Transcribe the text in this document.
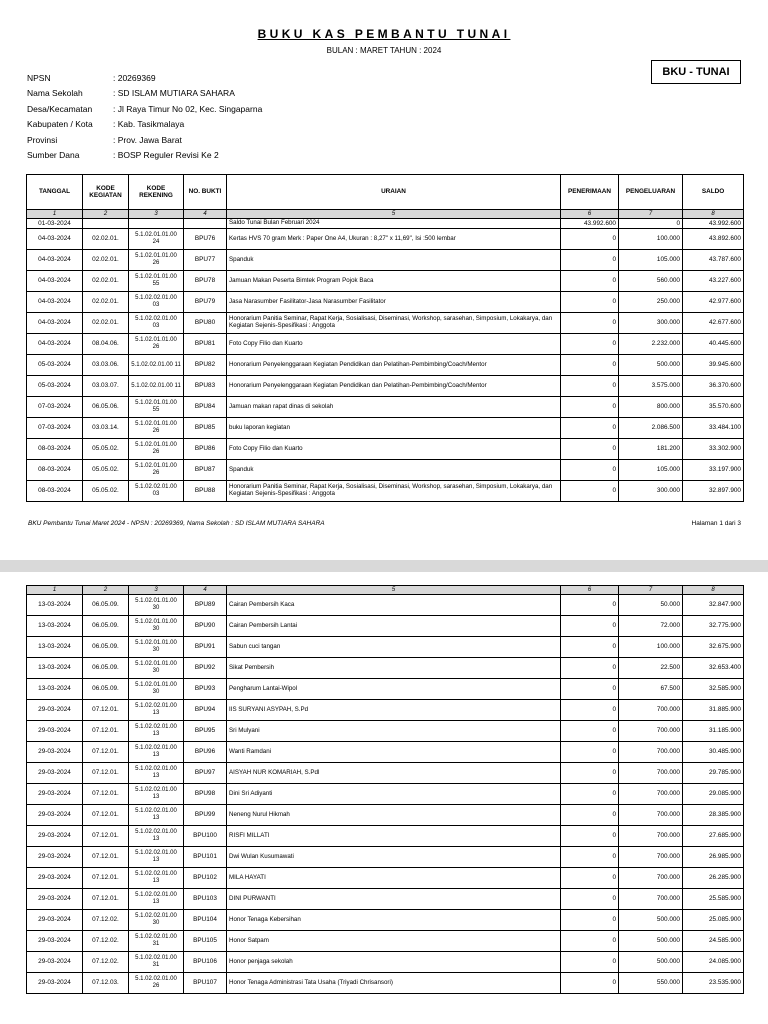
BUKU KAS PEMBANTU TUNAI
BULAN : MARET TAHUN : 2024
BKU - TUNAI
NPSN	: 20269369
Nama Sekolah	: SD ISLAM MUTIARA SAHARA
Desa/Kecamatan	: Jl Raya Timur No 02, Kec. Singaparna
Kabupaten / Kota	: Kab. Tasikmalaya
Provinsi	: Prov. Jawa Barat
Sumber Dana	: BOSP Reguler Revisi Ke 2
TANGGAL	KODE KEGIATAN	KODE REKENING	NO. BUKTI	URAIAN	PENERIMAAN	PENGELUARAN	SALDO
1	2	3	4	5	6	7	8
01-03-2024				Saldo Tunai Bulan Februari 2024	43.992.600	0	43.992.600
04-03-2024	02.02.01.	5.1.02.01.01.00 24	BPU76	Kertas HVS 70 gram Merk : Paper One A4, Ukuran : 8,27" x 11,69", Isi :500 lembar	0	100.000	43.892.600
04-03-2024	02.02.01.	5.1.02.01.01.00 26	BPU77	Spanduk	0	105.000	43.787.600
04-03-2024	02.02.01.	5.1.02.01.01.00 55	BPU78	Jamuan Makan Peserta Bimtek Program Pojok Baca	0	560.000	43.227.600
04-03-2024	02.02.01.	5.1.02.02.01.00 03	BPU79	Jasa Narasumber Fasilitator-Jasa Narasumber Fasilitator	0	250.000	42.977.600
04-03-2024	02.02.01.	5.1.02.02.01.00 03	BPU80	Honorarium Panitia Seminar, Rapat Kerja, Sosialisasi, Diseminasi, Workshop, sarasehan, Simposium, Lokakarya, dan Kegiatan Sejenis-Spesifikasi : Anggota	0	300.000	42.677.600
04-03-2024	08.04.06.	5.1.02.01.01.00 26	BPU81	Foto Copy Filio dan Kuarto	0	2.232.000	40.445.600
05-03-2024	03.03.06.	5.1.02.02.01.00 11	BPU82	Honorarium Penyelenggaraan Kegiatan Pendidikan dan Pelatihan-Pembimbing/Coach/Mentor	0	500.000	39.945.600
05-03-2024	03.03.07.	5.1.02.02.01.00 11	BPU83	Honorarium Penyelenggaraan Kegiatan Pendidikan dan Pelatihan-Pembimbing/Coach/Mentor	0	3.575.000	36.370.600
07-03-2024	06.05.06.	5.1.02.01.01.00 55	BPU84	Jamuan makan rapat dinas di sekolah	0	800.000	35.570.600
07-03-2024	03.03.14.	5.1.02.01.01.00 26	BPU85	buku laporan kegiatan	0	2.086.500	33.484.100
08-03-2024	05.05.02.	5.1.02.01.01.00 26	BPU86	Foto Copy Filio dan Kuarto	0	181.200	33.302.900
08-03-2024	05.05.02.	5.1.02.01.01.00 26	BPU87	Spanduk	0	105.000	33.197.900
08-03-2024	05.05.02.	5.1.02.02.01.00 03	BPU88	Honorarium Panitia Seminar, Rapat Kerja, Sosialisasi, Diseminasi, Workshop, sarasehan, Simposium, Lokakarya, dan Kegiatan Sejenis-Spesifikasi : Anggota	0	300.000	32.897.900
BKU Pembantu Tunai Maret 2024 - NPSN : 20269369, Nama Sekolah : SD ISLAM MUTIARA SAHARA	Halaman 1 dari 3
1	2	3	4	5	6	7	8
13-03-2024	06.05.09.	5.1.02.01.01.00 30	BPU89	Cairan Pembersih Kaca	0	50.000	32.847.900
13-03-2024	06.05.09.	5.1.02.01.01.00 30	BPU90	Cairan Pembersih Lantai	0	72.000	32.775.900
13-03-2024	06.05.09.	5.1.02.01.01.00 30	BPU91	Sabun cuci tangan	0	100.000	32.675.900
13-03-2024	06.05.09.	5.1.02.01.01.00 30	BPU92	Sikat Pembersih	0	22.500	32.653.400
13-03-2024	06.05.09.	5.1.02.01.01.00 30	BPU93	Pengharum Lantai-Wipol	0	67.500	32.585.900
29-03-2024	07.12.01.	5.1.02.02.01.00 13	BPU94	IIS SURYANI ASYPAH, S.Pd	0	700.000	31.885.900
29-03-2024	07.12.01.	5.1.02.02.01.00 13	BPU95	Sri Mulyani	0	700.000	31.185.900
29-03-2024	07.12.01.	5.1.02.02.01.00 13	BPU96	Wanti Ramdani	0	700.000	30.485.900
29-03-2024	07.12.01.	5.1.02.02.01.00 13	BPU97	AISYAH NUR KOMARIAH, S.Pdl	0	700.000	29.785.900
29-03-2024	07.12.01.	5.1.02.02.01.00 13	BPU98	Dini Sri Adiyanti	0	700.000	29.085.900
29-03-2024	07.12.01.	5.1.02.02.01.00 13	BPU99	Neneng Nurul Hikmah	0	700.000	28.385.900
29-03-2024	07.12.01.	5.1.02.02.01.00 13	BPU100	RISFI MILLATI	0	700.000	27.685.900
29-03-2024	07.12.01.	5.1.02.02.01.00 13	BPU101	Dwi Wulan Kusumawati	0	700.000	26.985.900
29-03-2024	07.12.01.	5.1.02.02.01.00 13	BPU102	MILA HAYATI	0	700.000	26.285.900
29-03-2024	07.12.01.	5.1.02.02.01.00 13	BPU103	DINI PURWANTI	0	700.000	25.585.900
29-03-2024	07.12.02.	5.1.02.02.01.00 30	BPU104	Honor Tenaga Kebersihan	0	500.000	25.085.900
29-03-2024	07.12.02.	5.1.02.02.01.00 31	BPU105	Honor Satpam	0	500.000	24.585.900
29-03-2024	07.12.02.	5.1.02.02.01.00 31	BPU106	Honor penjaga sekolah	0	500.000	24.085.900
29-03-2024	07.12.03.	5.1.02.02.01.00 26	BPU107	Honor Tenaga Administrasi Tata Usaha (Triyadi Chrisansori)	0	550.000	23.535.900
